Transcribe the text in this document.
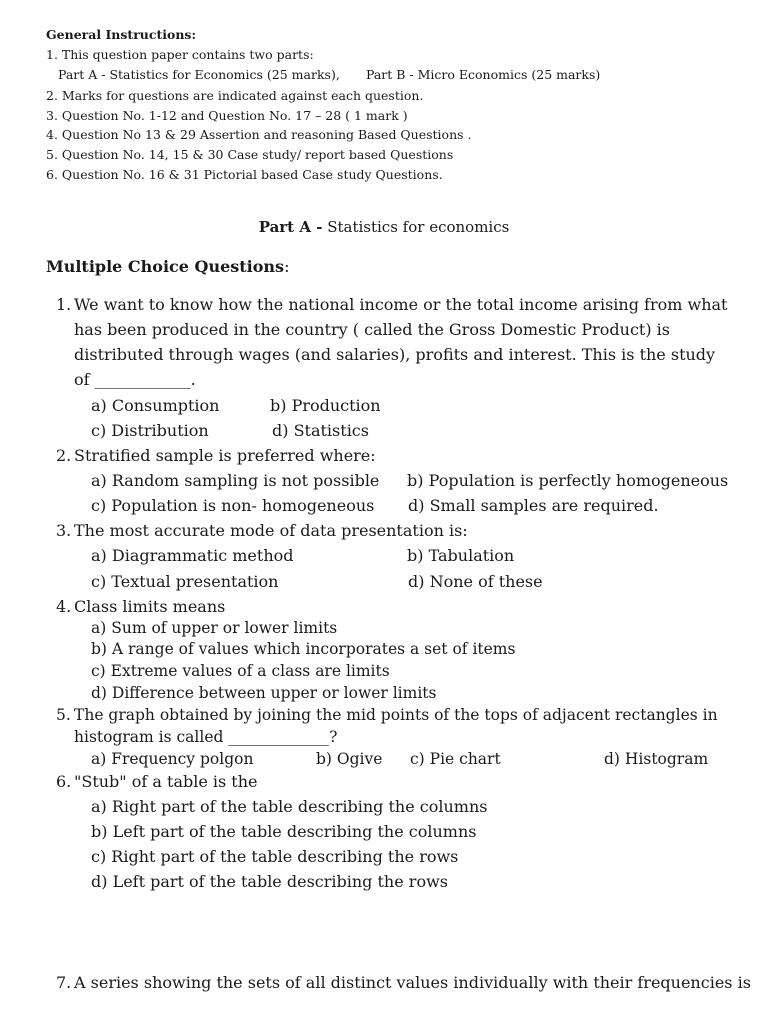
General Instructions:
1. This question paper contains two parts:
Part A - Statistics for Economics (25 marks), Part B - Micro Economics (25 marks)
2. Marks for questions are indicated against each question.
3. Question No. 1-12 and Question No. 17 – 28 ( 1 mark )
4. Question No 13 & 29 Assertion and reasoning Based Questions .
5. Question No. 14, 15 & 30 Case study/ report based Questions
6. Question No. 16 & 31 Pictorial based Case study Questions.
Part A - Statistics for economics
Multiple Choice Questions:
1. We want to know how the national income or the total income arising from what
has been produced in the country ( called the Gross Domestic Product) is
distributed through wages (and salaries), profits and interest. This is the study
of ____________.
a) Consumption	b) Production
c) Distribution	d) Statistics
2. Stratified sample is preferred where:
a) Random sampling is not possible b) Population is perfectly homogeneous
c) Population is non- homogeneous d) Small samples are required.
3. The most accurate mode of data presentation is:
a) Diagrammatic method	b) Tabulation
c) Textual presentation	d) None of these
4. Class limits means
a) Sum of upper or lower limits
b) A range of values which incorporates a set of items
c) Extreme values of a class are limits
d) Difference between upper or lower limits
5. The graph obtained by joining the mid points of the tops of adjacent rectangles in
histogram is called _____________?
a) Frequency polgon	b) Ogive c) Pie chart	d) Histogram
6. "Stub" of a table is the
a) Right part of the table describing the columns
b) Left part of the table describing the columns
c) Right part of the table describing the rows
d) Left part of the table describing the rows
7. A series showing the sets of all distinct values individually with their frequencies is
